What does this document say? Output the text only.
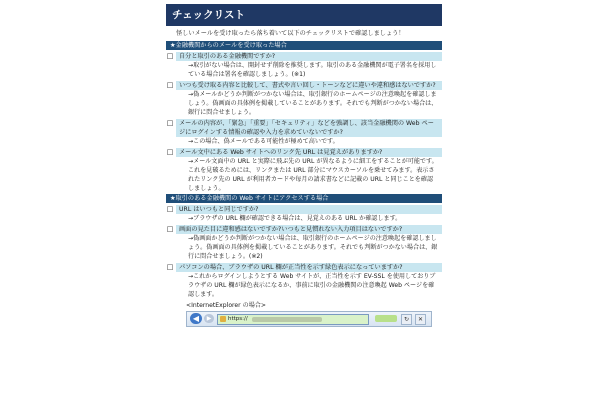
チェックリスト
怪しいメールを受け取ったら落ち着いて以下のチェックリストで確認しましょう！
★金融機関からのメールを受け取った場合
□ 自分と取引のある金融機関ですか?
→取引がない場合は、開封せず削除を推奨します。取引のある金融機関が電子署名を採用している場合は署名を確認しましょう。(※1)
□ いつも受け取る内容と比較して、書式や言い回し・トーンなどに違いや違和感はないですか?
→偽メールかどうか判断がつかない場合は、取引銀行のホームページの注意喚起を確認しましょう。偽画面の具体例を掲載していることがあります。それでも判断がつかない場合は、銀行に問合せましょう。
□ メールの内容が、「緊急」「重要」「セキュリティ」などを強調し、該当金融機関の Web ページにログインする情報の確認や入力を求めていないですか?
→この場合、偽メールである可能性が極めて高いです。
□ メール文中にある Web サイトへのリンク先 URL は見覚えがありますか?
→メール文面中の URL と実際に飛ぶ先の URL が異なるように細工をすることが可能です。これを見破るためには、リンクまたは URL 部分にマウスカーソルを乗せてみます。表示されたリンク先の URL が利用者カードや毎月の請求書などに記載の URL と同じことを確認しましょう。
★取引のある金融機関の Web サイトにアクセスする場合
□ URL はいつもと同じですか?
→ブラウザの URL 欄が確認できる場合は、見覚えのある URL か確認します。
□ 画面の見た目に違和感はないですか?いつもと見慣れない入力項目はないですか?
→偽画面かどうか判断がつかない場合は、取引銀行のホームページの注意喚起を確認しましょう。偽画面の具体例を掲載していることがあります。それでも判断がつかない場合は、銀行に問合せましょう。(※2)
□ パソコンの場合、ブラウザの URL 欄が正当性を示す緑色表示になっていますか?
→これからログインしようとする Web サイトが、正当性を示す EV-SSL を使用しておりブラウザの URL 欄が緑色表示になるか、事前に取引の金融機関の注意喚起 Web ページを確認します。
<InternetExplorer の場合>
◀	▶	https://	↻	✕
